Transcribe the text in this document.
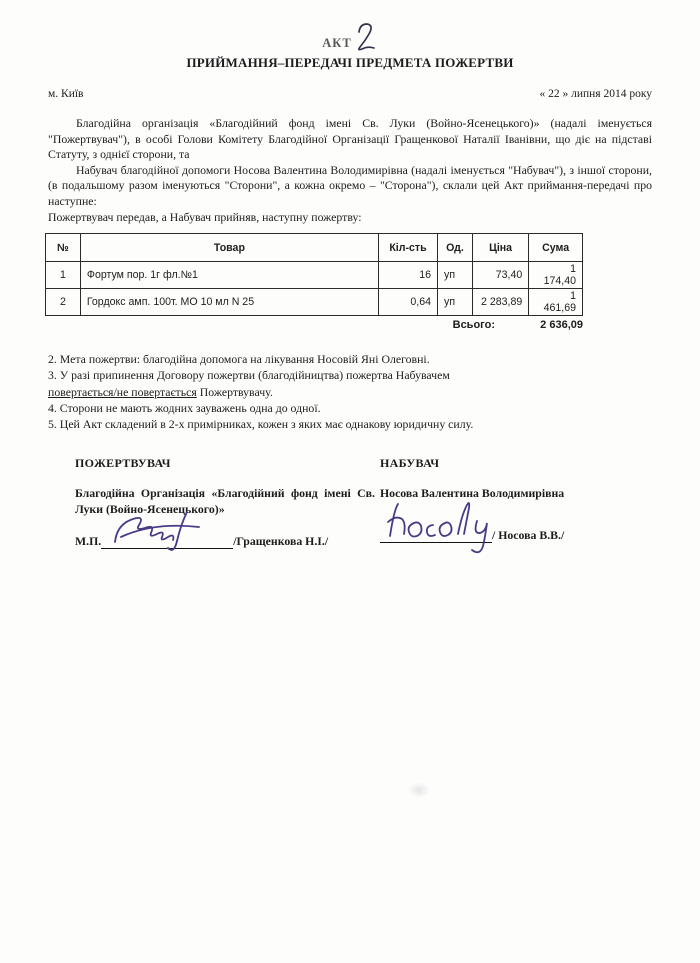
АКТ
ПРИЙМАННЯ–ПЕРЕДАЧІ ПРЕДМЕТА ПОЖЕРТВИ
м. Київ	« 22 » липня 2014 року

Благодійна організація «Благодійний фонд імені Св. Луки (Войно-Ясенецького)» (надалі іменується "Пожертвувач"), в особі Голови Комітету Благодійної Організації Гращенкової Наталії Іванівни, що діє на підставі Статуту, з однієї сторони, та

Набувач благодійної допомоги Носова Валентина Володимирівна (надалі іменується "Набувач"), з іншої сторони, (в подальшому разом іменуються "Сторони", а кожна окремо – "Сторона"), склали цей Акт приймання-передачі про наступне:

Пожертвувач передав, а Набувач прийняв, наступну пожертву:

№	Товар	Кіл-сть	Од.	Ціна	Сума
1	Фортум пор. 1г фл.№1	16	уп	73,40	1 174,40
2	Гордокс амп. 100т. МО 10 мл N 25	0,64	уп	2 283,89	1 461,69
Всього:	2 636,09

2. Мета пожертви: благодійна допомога на лікування Носовій Яні Олеговні.

3. У разі припинення Договору пожертви (благодійництва) пожертва Набувачем

повертається/не повертається Пожертвувачу.

4. Сторони не мають жодних зауважень одна до одної.

5. Цей Акт складений в 2-х примірниках, кожен з яких має однакову юридичну силу.

ПОЖЕРТВУВАЧ
Благодійна Організація «Благодійний фонд імені Св. Луки (Войно-Ясенецького)»
М.П.	/Гращенкова Н.І./
НАБУВАЧ
Носова Валентина Володимирівна
/ Носова В.В./
